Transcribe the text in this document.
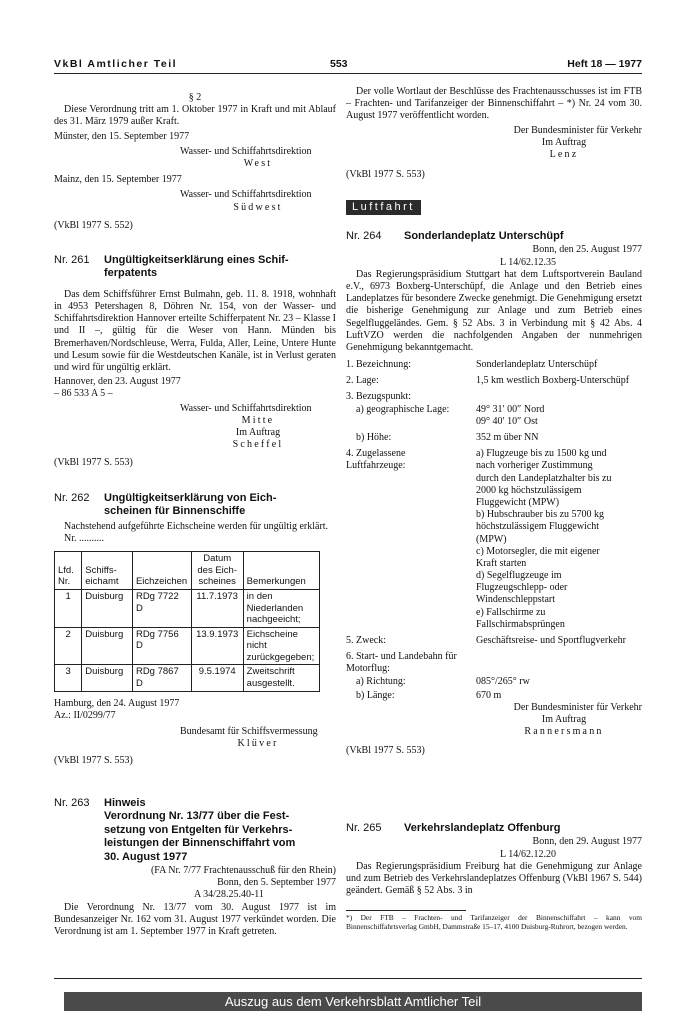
VkBl Amtlicher Teil	553	Heft 18 — 1977
§ 2
Diese Verordnung tritt am 1. Oktober 1977 in Kraft und mit Ablauf des 31. März 1979 außer Kraft.
Münster, den 15. September 1977
Wasser- und Schiffahrtsdirektion
West
Mainz, den 15. September 1977
Wasser- und Schiffahrtsdirektion
Südwest
(VkBl 1977 S. 552)
Nr. 261	Ungültigkeitserklärung eines Schif-
ferpatents
Das dem Schiffsführer Ernst Bulmahn, geb. 11. 8. 1918, wohnhaft in 4953 Petershagen 8, Döhren Nr. 154, von der Wasser- und Schiffahrtsdirektion Hannover erteilte Schifferpatent Nr. 23 – Klasse I und II –, gültig für die Weser von Hann. Münden bis Bremerhaven/Nordschleuse, Werra, Fulda, Aller, Leine, Untere Hunte und Lesum sowie für die Westdeutschen Kanäle, ist in Verlust geraten und wird für ungültig erklärt.
Hannover, den 23. August 1977
– 86 533 A 5 –
Wasser- und Schiffahrtsdirektion
Mitte
Im Auftrag
Scheffel
(VkBl 1977 S. 553)
Nr. 262	Ungültigkeitserklärung von Eich-
scheinen für Binnenschiffe
Nachstehend aufgeführte Eichscheine werden für ungültig erklärt.
Nr. ..........
Lfd. Nr.	Schiffs-eichamt	Eichzeichen	Datum des Eich-scheines	Bemerkungen
1	Duisburg	RDg 7722 D	11.7.1973	in den Niederlanden nachgeeicht;
2	Duisburg	RDg 7756 D	13.9.1973	Eichscheine nicht zurückgegeben;
3	Duisburg	RDg 7867 D	9.5.1974	Zweitschrift ausgestellt.
Hamburg, den 24. August 1977
Az.: II/0299/77
Bundesamt für Schiffsvermessung
Klüver
(VkBl 1977 S. 553)
Nr. 263	Hinweis
Verordnung Nr. 13/77 über die Fest-
setzung von Entgelten für Verkehrs-
leistungen der Binnenschiffahrt vom
30. August 1977
(FA Nr. 7/77 Frachtenausschuß für den Rhein)
Bonn, den 5. September 1977
A 34/28.25.40-11
Die Verordnung Nr. 13/77 vom 30. August 1977 ist im Bundesanzeiger Nr. 162 vom 31. August 1977 verkündet worden. Die Verordnung ist am 1. September 1977 in Kraft getreten.
Der volle Wortlaut der Beschlüsse des Frachtenausschusses ist im FTB – Frachten- und Tarifanzeiger der Binnenschiffahrt – *) Nr. 24 vom 30. August 1977 veröffentlicht worden.
Der Bundesminister für Verkehr
Im Auftrag
Lenz
(VkBl 1977 S. 553)
Luftfahrt
Nr. 264 Sonderlandeplatz Unterschüpf
Bonn, den 25. August 1977
L 14/62.12.35
Das Regierungspräsidium Stuttgart hat dem Luftsportverein Bauland e.V., 6973 Boxberg-Unterschüpf, die Anlage und den Betrieb eines Landeplatzes für besondere Zwecke genehmigt. Die Genehmigung ersetzt die bisherige Genehmigung zur Anlage und zum Betrieb eines Segelfluggeländes. Gem. § 52 Abs. 3 in Verbindung mit § 42 Abs. 4 LuftVZO werden die nachfolgenden Angaben der nunmehrigen Genehmigung bekanntgemacht.
1. Bezeichnung:	Sonderlandeplatz Unterschüpf
2. Lage:	1,5 km westlich Boxberg-Unterschüpf
3. Bezugspunkt:
a) geographische Lage:	49° 31′ 00″ Nord
09° 40′ 10″ Ost
b) Höhe:	352 m über NN
4. Zugelassene Luftfahrzeuge:
a) Flugzeuge bis zu 1500 kg und nach vorheriger Zustimmung durch den Landeplatzhalter bis zu 2000 kg höchstzulässigem Fluggewicht (MPW)
b) Hubschrauber bis zu 5700 kg höchstzulässigem Fluggewicht (MPW)
c) Motorsegler, die mit eigener Kraft starten
d) Segelflugzeuge im Flugzeugschlepp- oder Windenschleppstart
e) Fallschirme zu Fallschirmabsprüngen
5. Zweck:	Geschäftsreise- und Sportflugverkehr
6. Start- und Landebahn für Motorflug:
a) Richtung:	085°/265° rw
b) Länge:	670 m
Der Bundesminister für Verkehr
Im Auftrag
Rannersmann
(VkBl 1977 S. 553)
Nr. 265 Verkehrslandeplatz Offenburg
Bonn, den 29. August 1977
L 14/62.12.20
Das Regierungspräsidium Freiburg hat die Genehmigung zur Anlage und zum Betrieb des Verkehrslandeplatzes Offenburg (VkBl 1967 S. 544) geändert. Gemäß § 52 Abs. 3 in
*) Der FTB – Frachten- und Tarifanzeiger der Binnenschiffahrt – kann vom Binnenschiffahrtsverlag GmbH, Dammstraße 15–17, 4100 Duisburg-Ruhrort, bezogen werden.
Auszug aus dem Verkehrsblatt Amtlicher Teil
